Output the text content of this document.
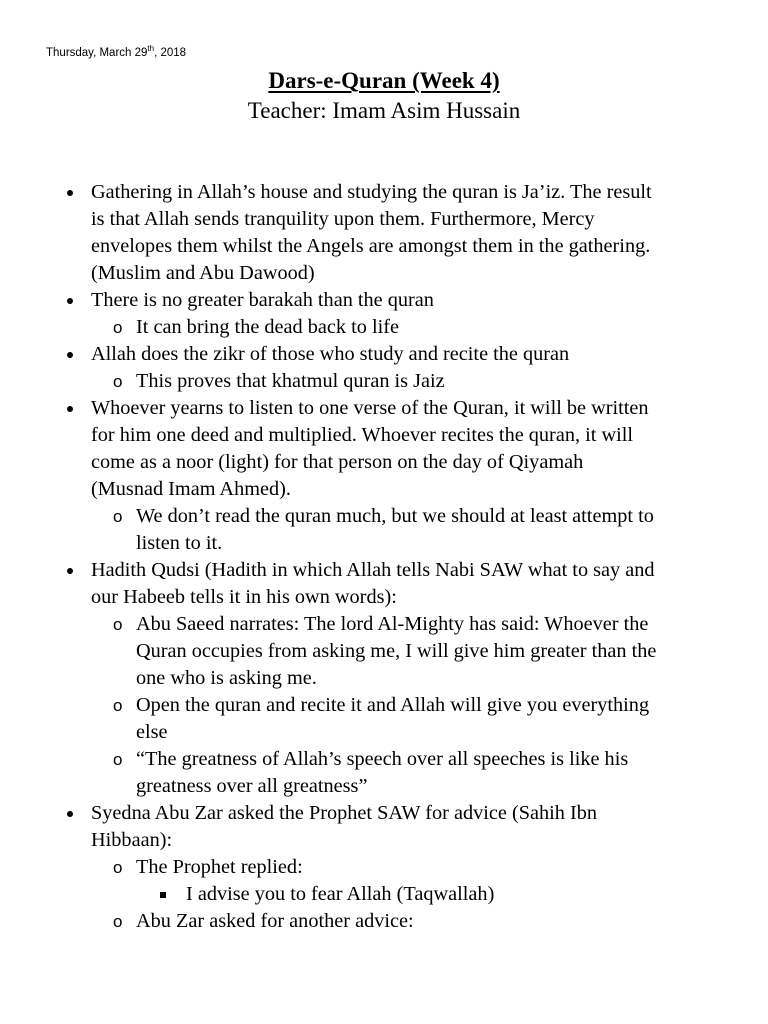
Thursday, March 29th, 2018
Dars-e-Quran (Week 4)
Teacher: Imam Asim Hussain
Gathering in Allah’s house and studying the quran is Ja’iz. The result
is that Allah sends tranquility upon them. Furthermore, Mercy
envelopes them whilst the Angels are amongst them in the gathering.
(Muslim and Abu Dawood)
There is no greater barakah than the quran
o It can bring the dead back to life
Allah does the zikr of those who study and recite the quran
o This proves that khatmul quran is Jaiz
Whoever yearns to listen to one verse of the Quran, it will be written
for him one deed and multiplied. Whoever recites the quran, it will
come as a noor (light) for that person on the day of Qiyamah
(Musnad Imam Ahmed).
o We don’t read the quran much, but we should at least attempt to
listen to it.
Hadith Qudsi (Hadith in which Allah tells Nabi SAW what to say and
our Habeeb tells it in his own words):
o Abu Saeed narrates: The lord Al-Mighty has said: Whoever the
Quran occupies from asking me, I will give him greater than the
one who is asking me.
o Open the quran and recite it and Allah will give you everything
else
o “The greatness of Allah’s speech over all speeches is like his
greatness over all greatness”
Syedna Abu Zar asked the Prophet SAW for advice (Sahih Ibn
Hibbaan):
o The Prophet replied:
I advise you to fear Allah (Taqwallah)
o Abu Zar asked for another advice:
